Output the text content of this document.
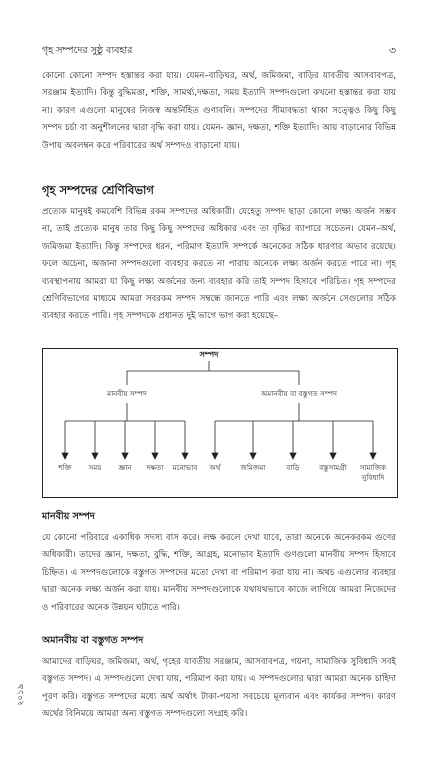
গৃহ সম্পদের সুষ্ঠু ব্যবহার	৩
কোনো কোনো সম্পদ হস্তান্তর করা যায়। যেমন–বাড়িঘর, অর্থ, জমিজমা, বাড়ির যাবতীয় আসবাবপত্র, সরঞ্জাম ইত্যাদি। কিন্তু বুদ্ধিমত্তা, শক্তি, সামর্থ্য,দক্ষতা, সময় ইত্যাদি সম্পদগুলো কখনো হস্তান্তর করা যায় না। কারণ এগুলো মানুষের নিজস্ব অন্তর্নিহিত গুণাবলি। সম্পদের সীমাবদ্ধতা থাকা সত্ত্বেও কিছু কিছু সম্পদ চর্চা বা অনুশীলনের দ্বারা বৃদ্ধি করা যায়। যেমন- জ্ঞান, দক্ষতা, শক্তি ইত্যাদি। আয় বাড়ানোর বিভিন্ন উপায় অবলম্বন করে পরিবারের অর্থ সম্পদও বাড়ানো যায়।
গৃহ সম্পদের শ্রেণিবিভাগ
প্রত্যেক মানুষই কমবেশি বিভিন্ন রকম সম্পদের অধিকারী। যেহেতু সম্পদ ছাড়া কোনো লক্ষ্য অর্জন সম্ভব না, তাই প্রত্যেক মানুষ তার কিছু কিছু সম্পদের অধিকার এবং তা বৃদ্ধির ব্যাপারে সচেতন। যেমন–অর্থ, জমিজমা ইত্যাদি। কিন্তু সম্পদের ধরন, পরিমাণ ইত্যাদি সম্পর্কে অনেকের সঠিক ধারণার অভাব রয়েছে। ফলে অচেনা, অজানা সম্পদগুলো ব্যবহার করতে না পারায় অনেকে লক্ষ্য অর্জন করতে পারে না। গৃহ ব্যবস্থাপনায় আমরা যা কিছু লক্ষ্য অর্জনের জন্য ব্যবহার করি তাই সম্পদ হিসাবে পরিচিত। গৃহ সম্পদের শ্রেণিবিভাগের মাধ্যমে আমরা সবরকম সম্পদ সম্বন্ধে জানতে পারি এবং লক্ষ্য অর্জনে সেগুলোর সঠিক ব্যবহার করতে পারি। গৃহ সম্পদকে প্রধানত দুই ভাগে ভাগ করা হয়েছে–
সম্পদ
মানবীয় সম্পদ	অমানবীয় বা বস্তুগত সম্পদ
শক্তি সময় জ্ঞান দক্ষতা মনোভাব অর্থ	জমিজমা	বাড়ি	বস্তুসামগ্রী	সামাজিক সুবিধাদি
মানবীয় সম্পদ
যে কোনো পরিবারে একাধিক সদস্য বাস করে। লক্ষ করলে দেখা যাবে, তারা অনেকে অনেকরকম গুণের অধিকারী। তাদের জ্ঞান, দক্ষতা, বুদ্ধি, শক্তি, আগ্রহ, মনোভাব ইত্যাদি গুণগুলো মানবীয় সম্পদ হিসাবে চিহ্নিত। এ সম্পদগুলোকে বস্তুগত সম্পদের মতো দেখা বা পরিমাপ করা যায় না। অথচ এগুলোর ব্যবহার দ্বারা অনেক লক্ষ্য অর্জন করা যায়। মানবীয় সম্পদগুলোকে যথাযথভাবে কাজে লাগিয়ে আমরা নিজেদের ও পরিবারের অনেক উন্নয়ন ঘটাতে পারি।
অমানবীয় বা বস্তুগত সম্পদ
আমাদের বাড়িঘর, জমিজমা, অর্থ, গৃহের যাবতীয় সরঞ্জাম, আসবাবপত্র, গয়না, সামাজিক সুবিধাদি সবই বস্তুগত সম্পদ। এ সম্পদগুলো দেখা যায়, পরিমাপ করা যায়। এ সম্পদগুলোর দ্বারা আমরা অনেক চাহিদা পূরণ করি। বস্তুগত সম্পদের মধ্যে অর্থ অর্থাৎ টাকা-পয়সা সবচেয়ে মূল্যবান এবং কার্যকর সম্পদ। কারণ অর্থের বিনিময়ে আমরা অন্য বস্তুগত সম্পদগুলো সংগ্রহ করি।
২০১৯
